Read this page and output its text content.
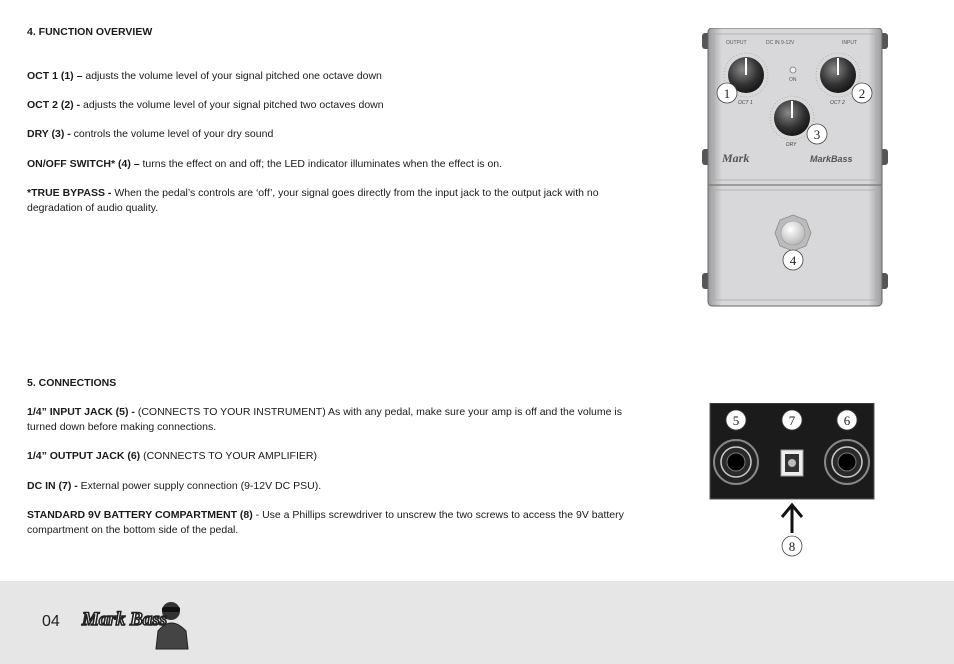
4. FUNCTION OVERVIEW
OCT 1 (1) – adjusts the volume level of your signal pitched one octave down
OCT 2 (2) - adjusts the volume level of your signal pitched two octaves down
DRY (3) - controls the volume level of your dry sound
ON/OFF SWITCH* (4) – turns the effect on and off; the LED indicator illuminates when the effect is on.
*TRUE BYPASS - When the pedal’s controls are ‘off’, your signal goes directly from the input jack to the output jack with no degradation of audio quality.
5. CONNECTIONS
1/4” INPUT JACK (5) - (CONNECTS TO YOUR INSTRUMENT) As with any pedal, make sure your amp is off and the volume is turned down before making connections.
1/4” OUTPUT JACK (6) (CONNECTS TO YOUR AMPLIFIER)
DC IN (7) - External power supply connection (9-12V DC PSU).
STANDARD 9V BATTERY COMPARTMENT (8) - Use a Phillips screwdriver to unscrew the two screws to access the 9V battery compartment on the bottom side of the pedal.
OUTPUT	DC IN 9-12V	INPUT
ON
OCT 1	OCT 2
DRY
1	2
3
Mark	MarkBass
4
5	7	6
8
04 Mark Bass
